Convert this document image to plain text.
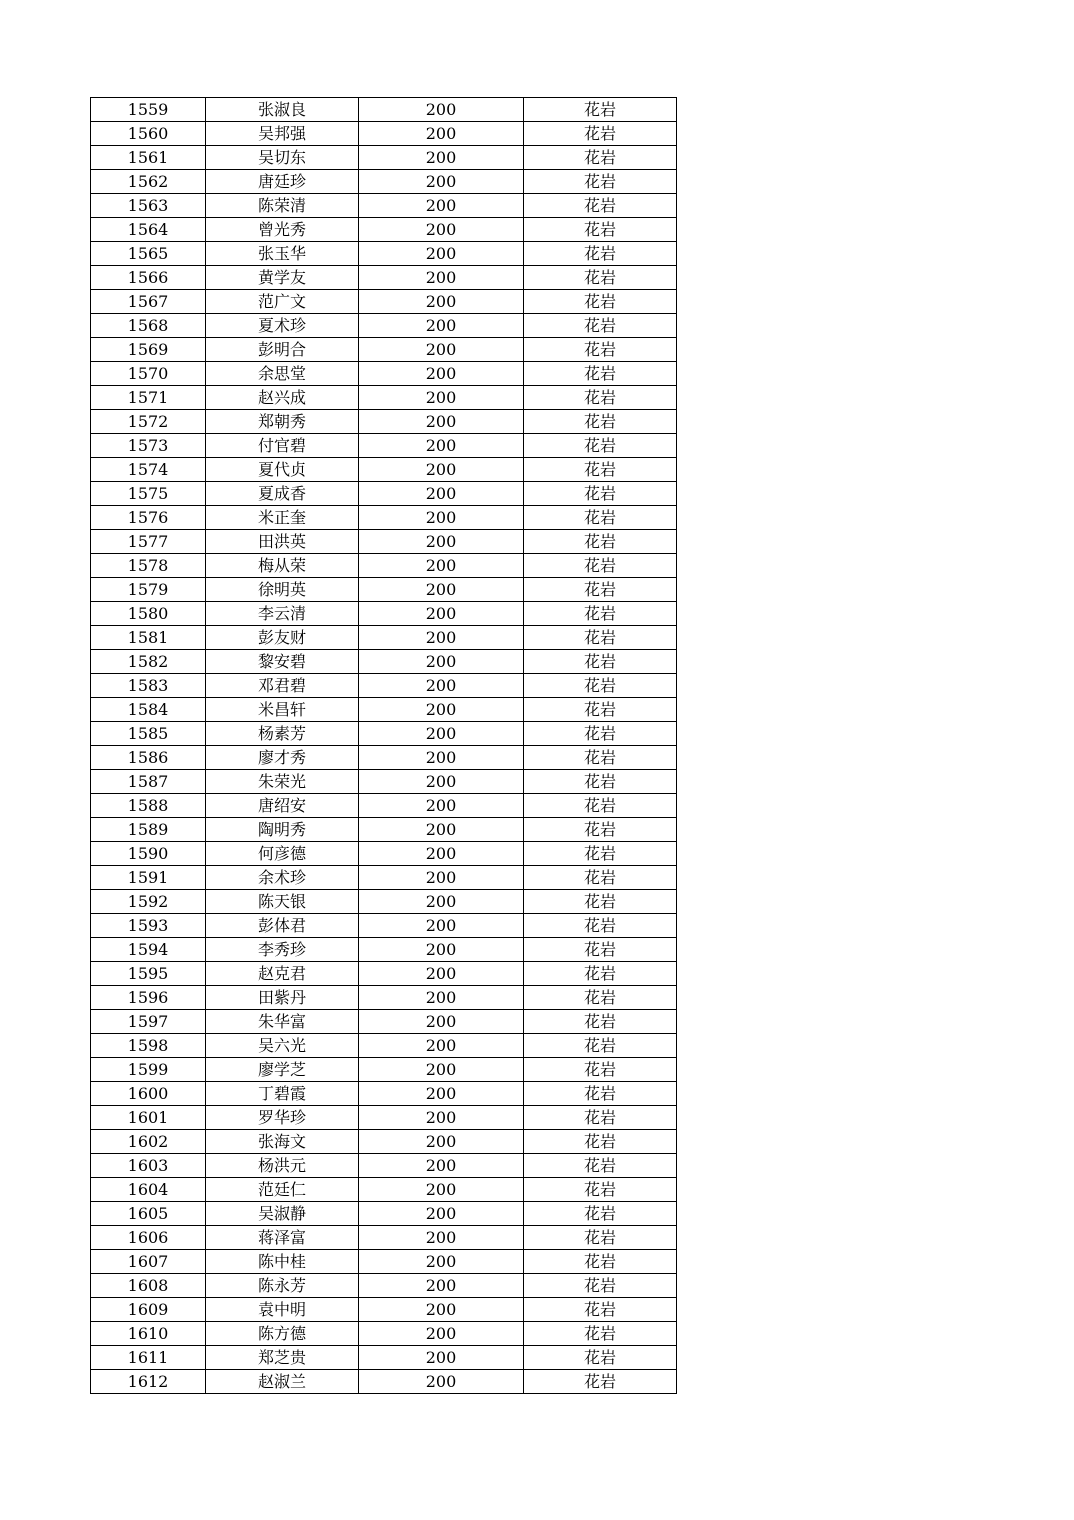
1559	张淑良	200	花岩
1560	吴邦强	200	花岩
1561	吴切东	200	花岩
1562	唐廷珍	200	花岩
1563	陈荣清	200	花岩
1564	曾光秀	200	花岩
1565	张玉华	200	花岩
1566	黄学友	200	花岩
1567	范广文	200	花岩
1568	夏术珍	200	花岩
1569	彭明合	200	花岩
1570	余思堂	200	花岩
1571	赵兴成	200	花岩
1572	郑朝秀	200	花岩
1573	付官碧	200	花岩
1574	夏代贞	200	花岩
1575	夏成香	200	花岩
1576	米正奎	200	花岩
1577	田洪英	200	花岩
1578	梅从荣	200	花岩
1579	徐明英	200	花岩
1580	李云清	200	花岩
1581	彭友财	200	花岩
1582	黎安碧	200	花岩
1583	邓君碧	200	花岩
1584	米昌轩	200	花岩
1585	杨素芳	200	花岩
1586	廖才秀	200	花岩
1587	朱荣光	200	花岩
1588	唐绍安	200	花岩
1589	陶明秀	200	花岩
1590	何彦德	200	花岩
1591	余术珍	200	花岩
1592	陈天银	200	花岩
1593	彭体君	200	花岩
1594	李秀珍	200	花岩
1595	赵克君	200	花岩
1596	田紫丹	200	花岩
1597	朱华富	200	花岩
1598	吴六光	200	花岩
1599	廖学芝	200	花岩
1600	丁碧霞	200	花岩
1601	罗华珍	200	花岩
1602	张海文	200	花岩
1603	杨洪元	200	花岩
1604	范廷仁	200	花岩
1605	吴淑静	200	花岩
1606	蒋泽富	200	花岩
1607	陈中桂	200	花岩
1608	陈永芳	200	花岩
1609	袁中明	200	花岩
1610	陈方德	200	花岩
1611	郑芝贵	200	花岩
1612	赵淑兰	200	花岩
